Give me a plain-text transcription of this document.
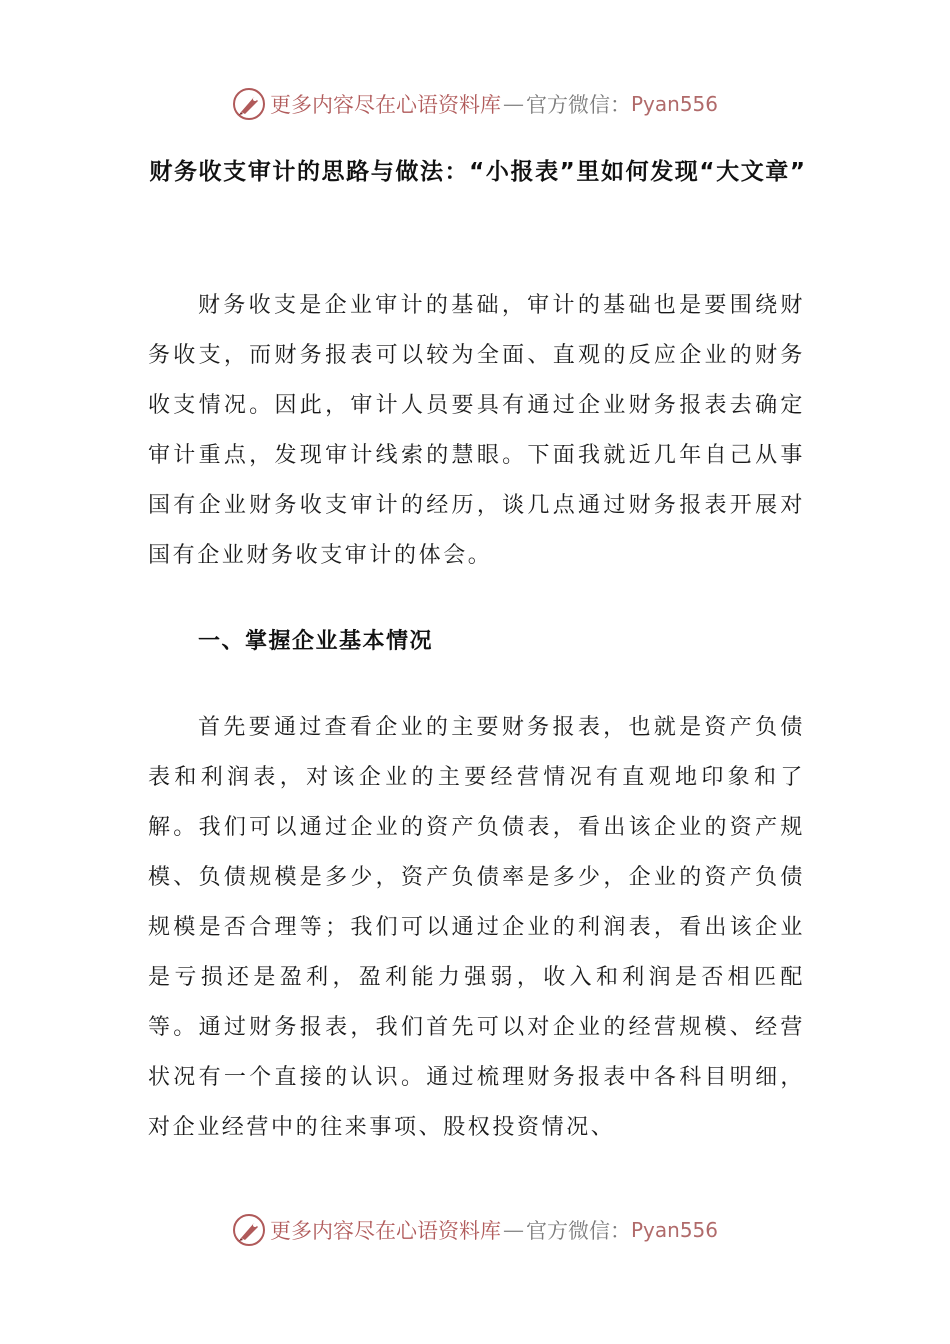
更多内容尽在心语资料库 — 官方微信： Pyan556
财务收支审计的思路与做法：“小报表”里如何发现“大文章”

财务收支是企业审计的基础，审计的基础也是要围绕财务收支，而财务报表可以较为全面、直观的反应企业的财务收支情况。因此，审计人员要具有通过企业财务报表去确定审计重点，发现审计线索的慧眼。下面我就近几年自己从事国有企业财务收支审计的经历，谈几点通过财务报表开展对国有企业财务收支审计的体会。

一、掌握企业基本情况

首先要通过查看企业的主要财务报表，也就是资产负债表和利润表，对该企业的主要经营情况有直观地印象和了解。我们可以通过企业的资产负债表，看出该企业的资产规模、负债规模是多少，资产负债率是多少，企业的资产负债规模是否合理等；我们可以通过企业的利润表，看出该企业是亏损还是盈利，盈利能力强弱，收入和利润是否相匹配等。通过财务报表，我们首先可以对企业的经营规模、经营状况有一个直接的认识。通过梳理财务报表中各科目明细，对企业经营中的往来事项、股权投资情况、

更多内容尽在心语资料库 — 官方微信： Pyan556
